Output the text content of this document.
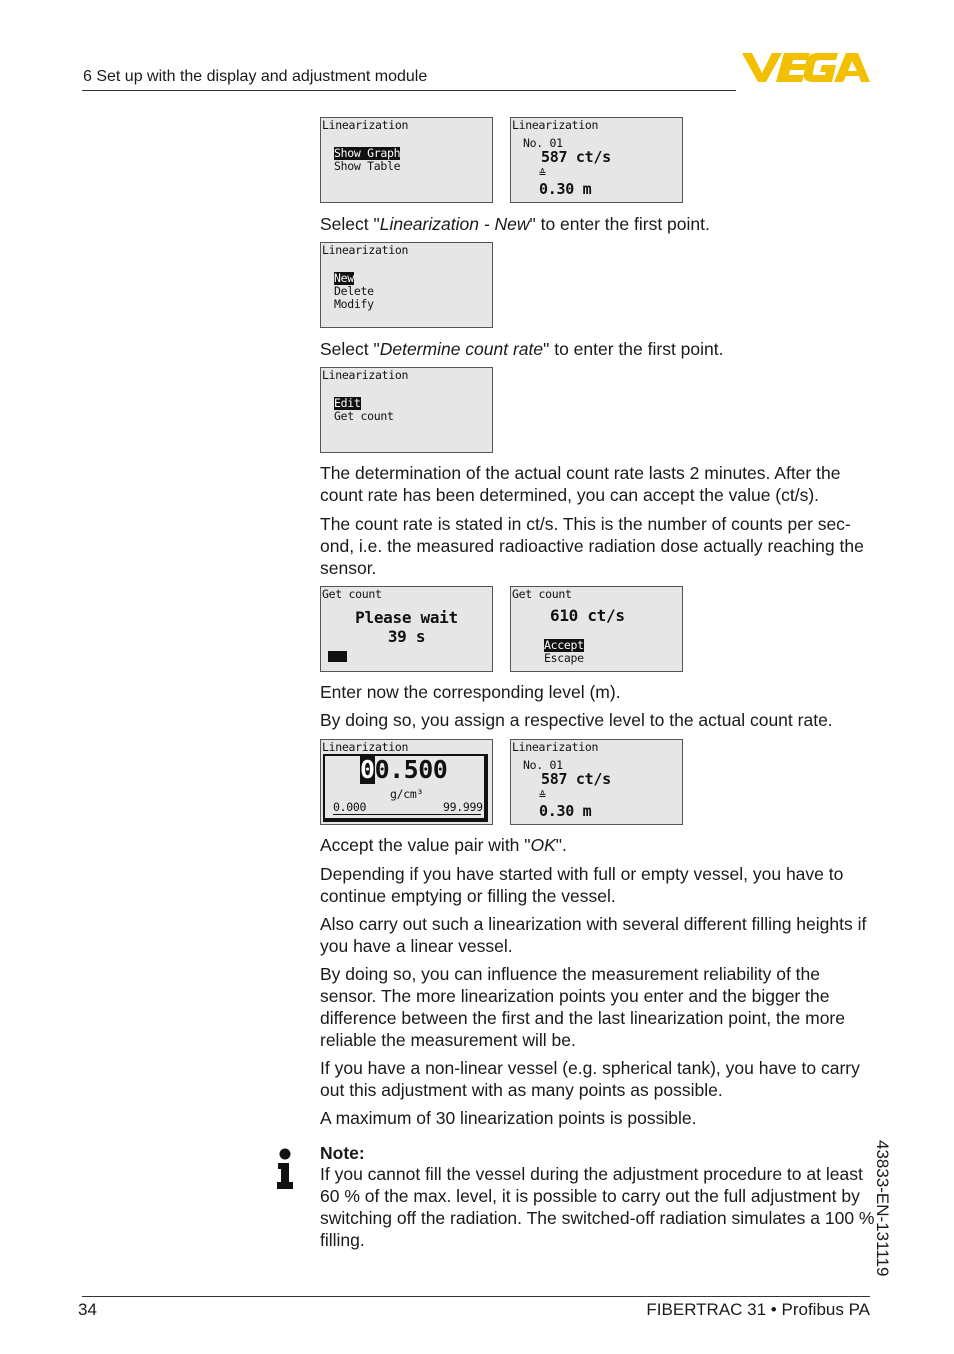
6 Set up with the display and adjustment module
Linearization
Show Graph
Show Table
Linearization
No. 01
587 ct/s
≙
0.30 m
Select "Linearization - New" to enter the first point.
Linearization
New
Delete
Modify
Select "Determine count rate" to enter the first point.
Linearization
Edit
Get count
The determination of the actual count rate lasts 2 minutes. After the count rate has been determined, you can accept the value (ct/s).
The count rate is stated in ct/s. This is the number of counts per sec-ond, i.e. the measured radioactive radiation dose actually reaching the sensor.
Get count
Please wait
39 s
Get count
610 ct/s
Accept
Escape
Enter now the corresponding level (m).
By doing so, you assign a respective level to the actual count rate.
Linearization
00.500
g/cm³
0.000	99.999
Linearization
No. 01
587 ct/s
≙
0.30 m
Accept the value pair with "OK".
Depending if you have started with full or empty vessel, you have to continue emptying or filling the vessel.
Also carry out such a linearization with several different filling heights if you have a linear vessel.
By doing so, you can influence the measurement reliability of the sensor. The more linearization points you enter and the bigger the difference between the first and the last linearization point, the more reliable the measurement will be.
If you have a non-linear vessel (e.g. spherical tank), you have to carry out this adjustment with as many points as possible.
A maximum of 30 linearization points is possible.
Note:
If you cannot fill the vessel during the adjustment procedure to at least 60 % of the max. level, it is possible to carry out the full adjustment by switching off the radiation. The switched-off radiation simulates a 100 % filling.	43833-EN-131119
34	FIBERTRAC 31 • Profibus PA
